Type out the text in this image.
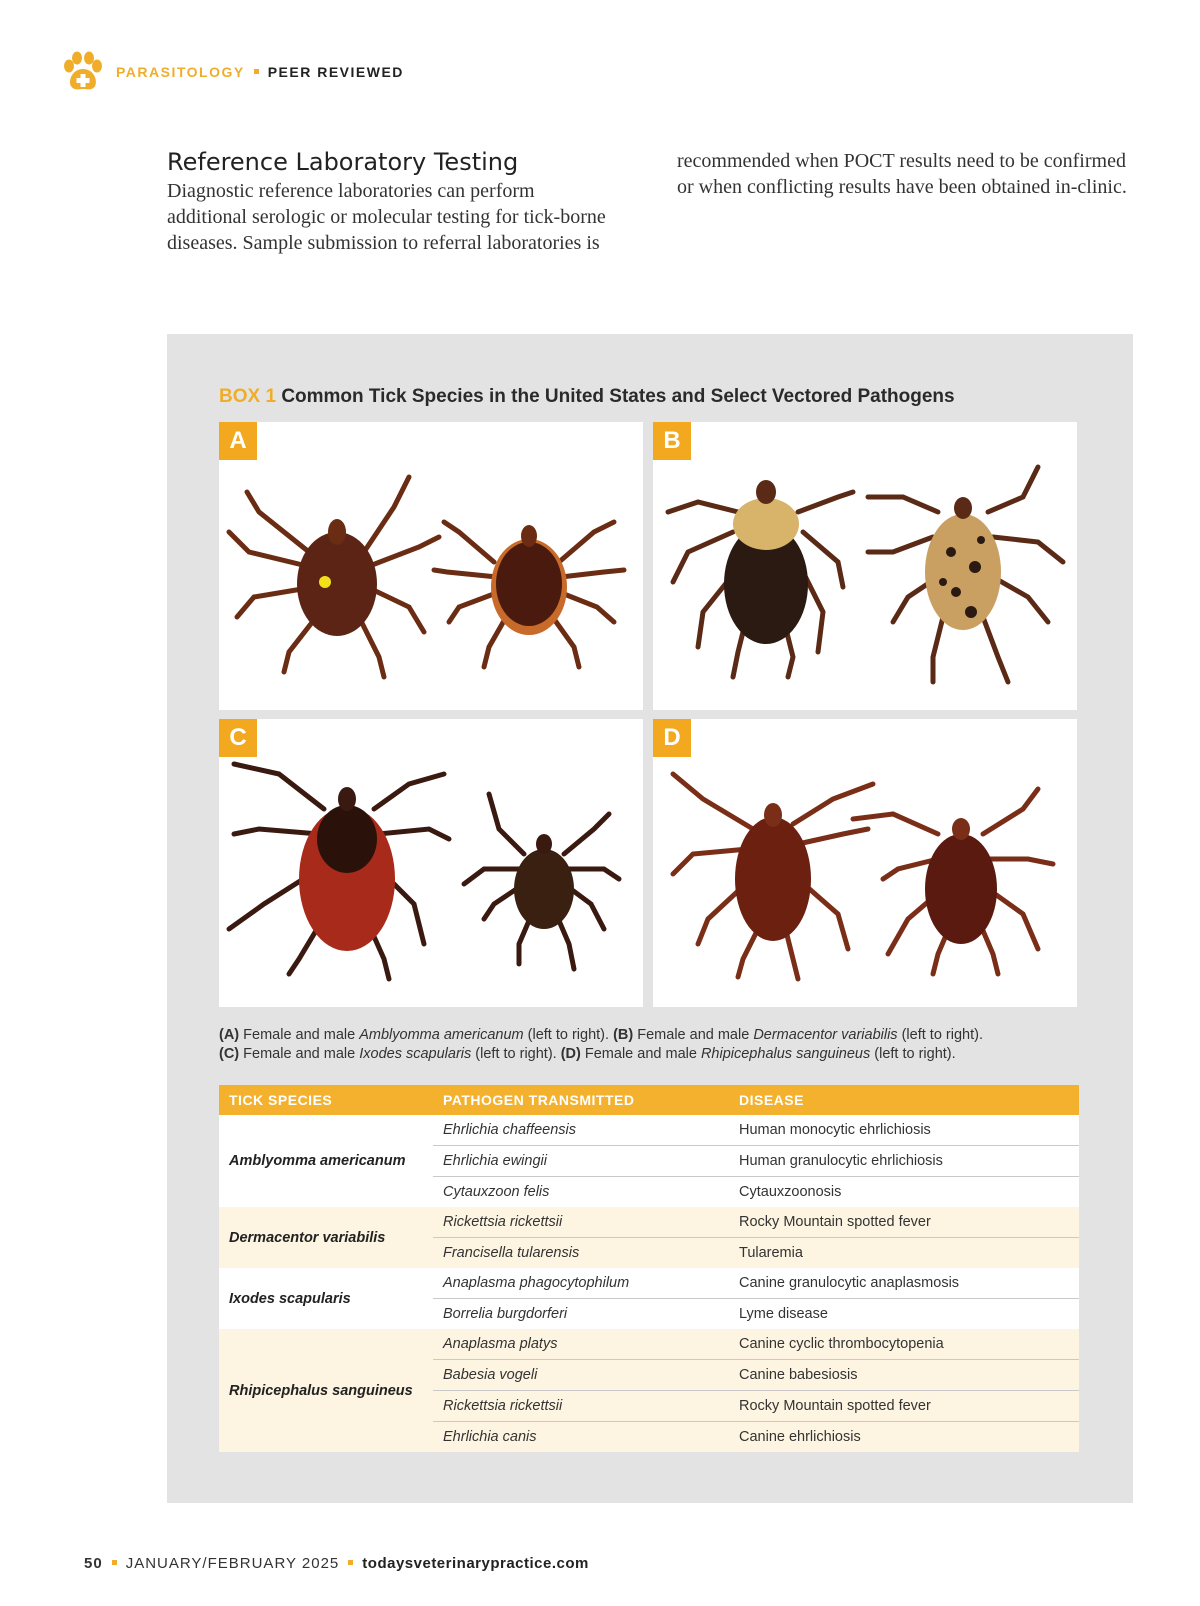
PARASITOLOGY PEER REVIEWED
Reference Laboratory Testing

Diagnostic reference laboratories can perform additional serologic or molecular testing for tick-borne diseases. Sample submission to referral laboratories is

recommended when POCT results need to be confirmed or when conflicting results have been obtained in-clinic.

BOX 1 Common Tick Species in the United States and Select Vectored Pathogens
A	B
C	D
(A) Female and male Amblyomma americanum (left to right). (B) Female and male Dermacentor variabilis (left to right).
(C) Female and male Ixodes scapularis (left to right). (D) Female and male Rhipicephalus sanguineus (left to right).
TICK SPECIES	PATHOGEN TRANSMITTED	DISEASE
Amblyomma americanum	Ehrlichia chaffeensis	Human monocytic ehrlichiosis
	Ehrlichia ewingii	Human granulocytic ehrlichiosis
	Cytauxzoon felis	Cytauxzoonosis
Dermacentor variabilis	Rickettsia rickettsii	Rocky Mountain spotted fever
	Francisella tularensis	Tularemia
Ixodes scapularis	Anaplasma phagocytophilum	Canine granulocytic anaplasmosis
	Borrelia burgdorferi	Lyme disease
Rhipicephalus sanguineus	Anaplasma platys	Canine cyclic thrombocytopenia
	Babesia vogeli	Canine babesiosis
	Rickettsia rickettsii	Rocky Mountain spotted fever
	Ehrlichia canis	Canine ehrlichiosis
50 JANUARY/FEBRUARY 2025 todaysveterinarypractice.com
